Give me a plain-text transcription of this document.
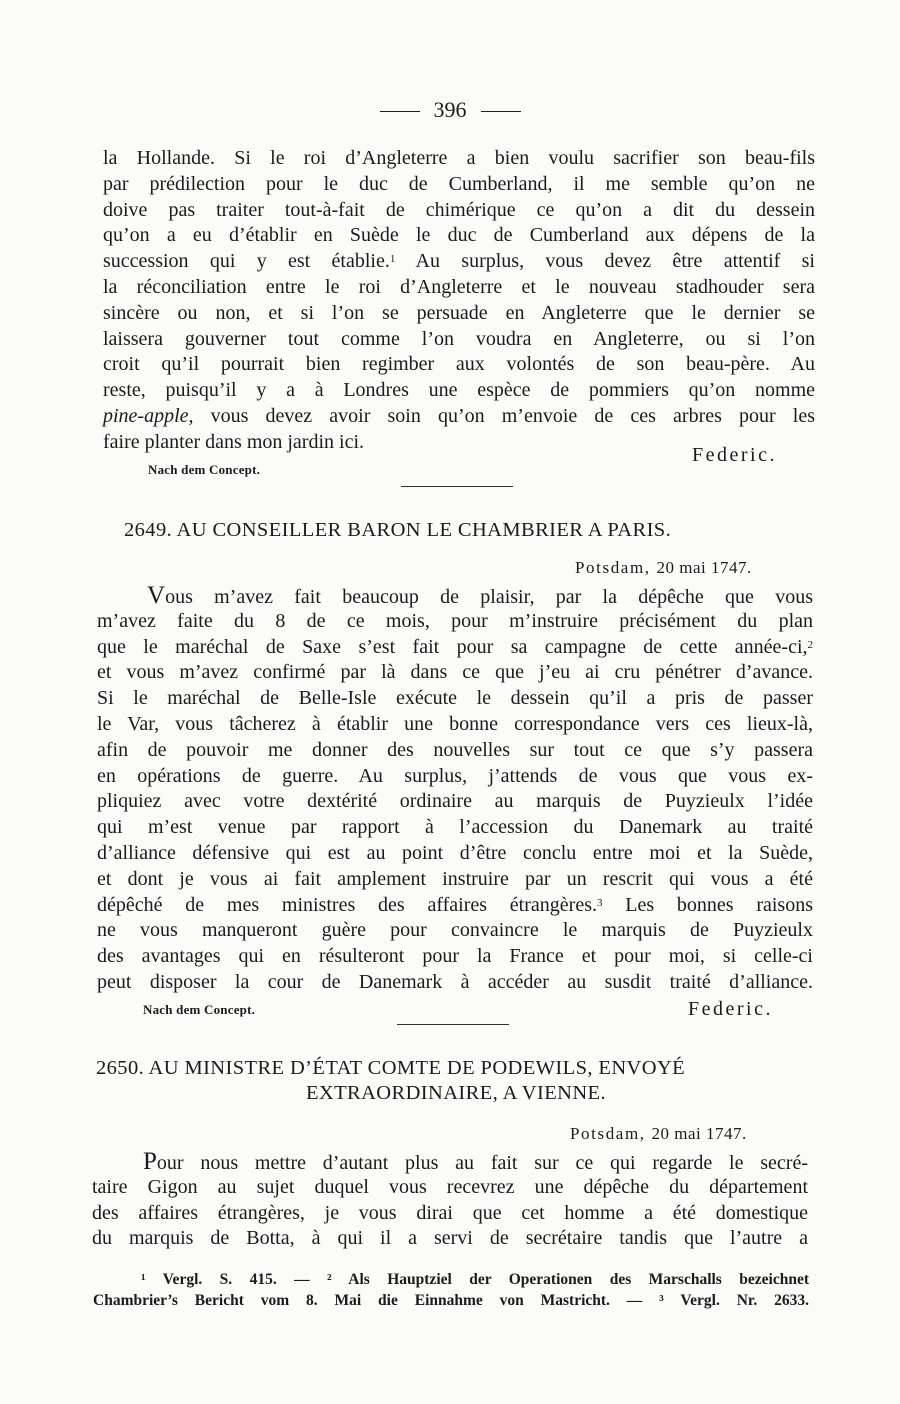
396
la Hollande. Si le roi d’Angleterre a bien voulu sacrifier son beau-fils
par prédilection pour le duc de Cumberland, il me semble qu’on ne
doive pas traiter tout-à-fait de chimérique ce qu’on a dit du dessein
qu’on a eu d’établir en Suède le duc de Cumberland aux dépens de la
succession qui y est établie.$^1$ Au surplus, vous devez être attentif si
la réconciliation entre le roi d’Angleterre et le nouveau stadhouder sera
sincère ou non, et si l’on se persuade en Angleterre que le dernier se
laissera gouverner tout comme l’on voudra en Angleterre, ou si l’on
croit qu’il pourrait bien regimber aux volontés de son beau-père. Au
reste, puisqu’il y a à Londres une espèce de pommiers qu’on nomme
pine-apple, vous devez avoir soin qu’on m’envoie de ces arbres pour les
faire planter dans mon jardin ici.
Nach dem Concept.
Federic.
2649. AU CONSEILLER BARON LE CHAMBRIER A PARIS.
Potsdam, 20 mai 1747.
Vous m’avez fait beaucoup de plaisir, par la dépêche que vous
m’avez faite du 8 de ce mois, pour m’instruire précisément du plan
que le maréchal de Saxe s’est fait pour sa campagne de cette année-ci,$^2$
et vous m’avez confirmé par là dans ce que j’eu ai cru pénétrer d’avance.
Si le maréchal de Belle-Isle exécute le dessein qu’il a pris de passer
le Var, vous tâcherez à établir une bonne correspondance vers ces lieux-là,
afin de pouvoir me donner des nouvelles sur tout ce que s’y passera
en opérations de guerre. Au surplus, j’attends de vous que vous ex-
pliquiez avec votre dextérité ordinaire au marquis de Puyzieulx l’idée
qui m’est venue par rapport à l’accession du Danemark au traité
d’alliance défensive qui est au point d’être conclu entre moi et la Suède,
et dont je vous ai fait amplement instruire par un rescrit qui vous a été
dépêché de mes ministres des affaires étrangères.$^3$ Les bonnes raisons
ne vous manqueront guère pour convaincre le marquis de Puyzieulx
des avantages qui en résulteront pour la France et pour moi, si celle-ci
peut disposer la cour de Danemark à accéder au susdit traité d’alliance.
Nach dem Concept.	Federic.
2650. AU MINISTRE D’ÉTAT COMTE DE PODEWILS, ENVOYÉ
EXTRAORDINAIRE, A VIENNE.
Potsdam, 20 mai 1747.
Pour nous mettre d’autant plus au fait sur ce qui regarde le secré-
taire Gigon au sujet duquel vous recevrez une dépêche du département
des affaires étrangères, je vous dirai que cet homme a été domestique
du marquis de Botta, à qui il a servi de secrétaire tandis que l’autre a
¹ Vergl. S. 415. — ² Als Hauptziel der Operationen des Marschalls bezeichnet
Chambrier’s Bericht vom 8. Mai die Einnahme von Mastricht. — ³ Vergl. Nr. 2633.
